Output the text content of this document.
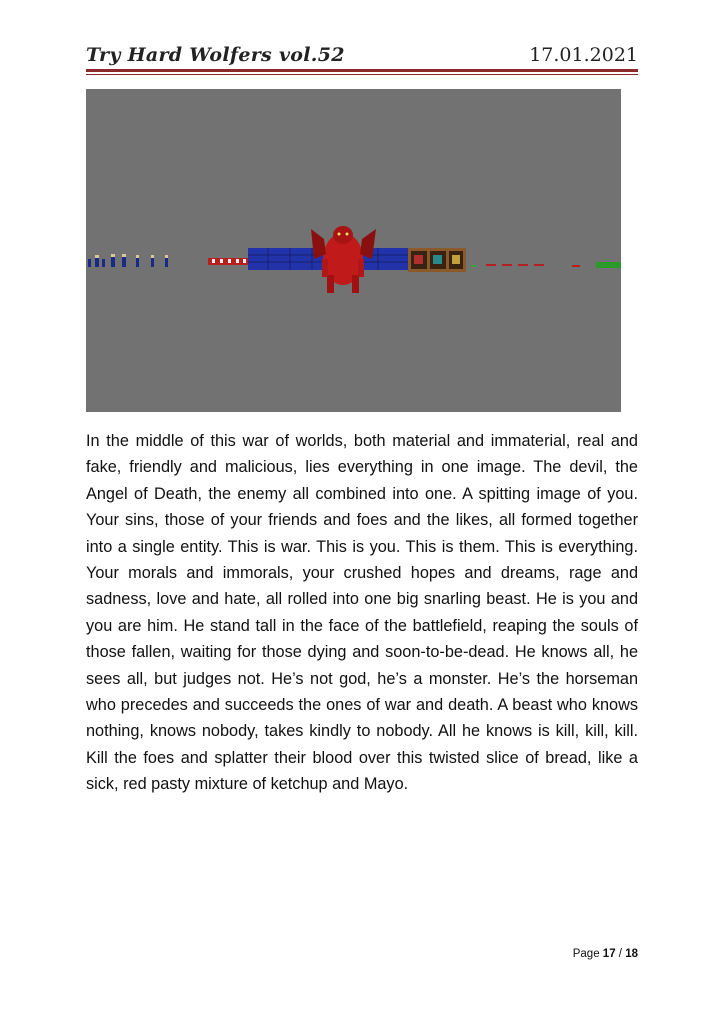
Try Hard Wolfers vol.52	17.01.2021

In the middle of this war of worlds, both material and immaterial, real and fake, friendly and malicious, lies everything in one image. The devil, the Angel of Death, the enemy all combined into one. A spitting image of you. Your sins, those of your friends and foes and the likes, all formed together into a single entity. This is war. This is you. This is them. This is everything. Your morals and immorals, your crushed hopes and dreams, rage and sadness, love and hate, all rolled into one big snarling beast. He is you and you are him. He stand tall in the face of the battlefield, reaping the souls of those fallen, waiting for those dying and soon-to-be-dead. He knows all, he sees all, but judges not. He’s not god, he’s a monster. He’s the horseman who precedes and succeeds the ones of war and death. A beast who knows nothing, knows nobody, takes kindly to nobody. All he knows is kill, kill, kill. Kill the foes and splatter their blood over this twisted slice of bread, like a sick, red pasty mixture of ketchup and Mayo.

Page 17 / 18
